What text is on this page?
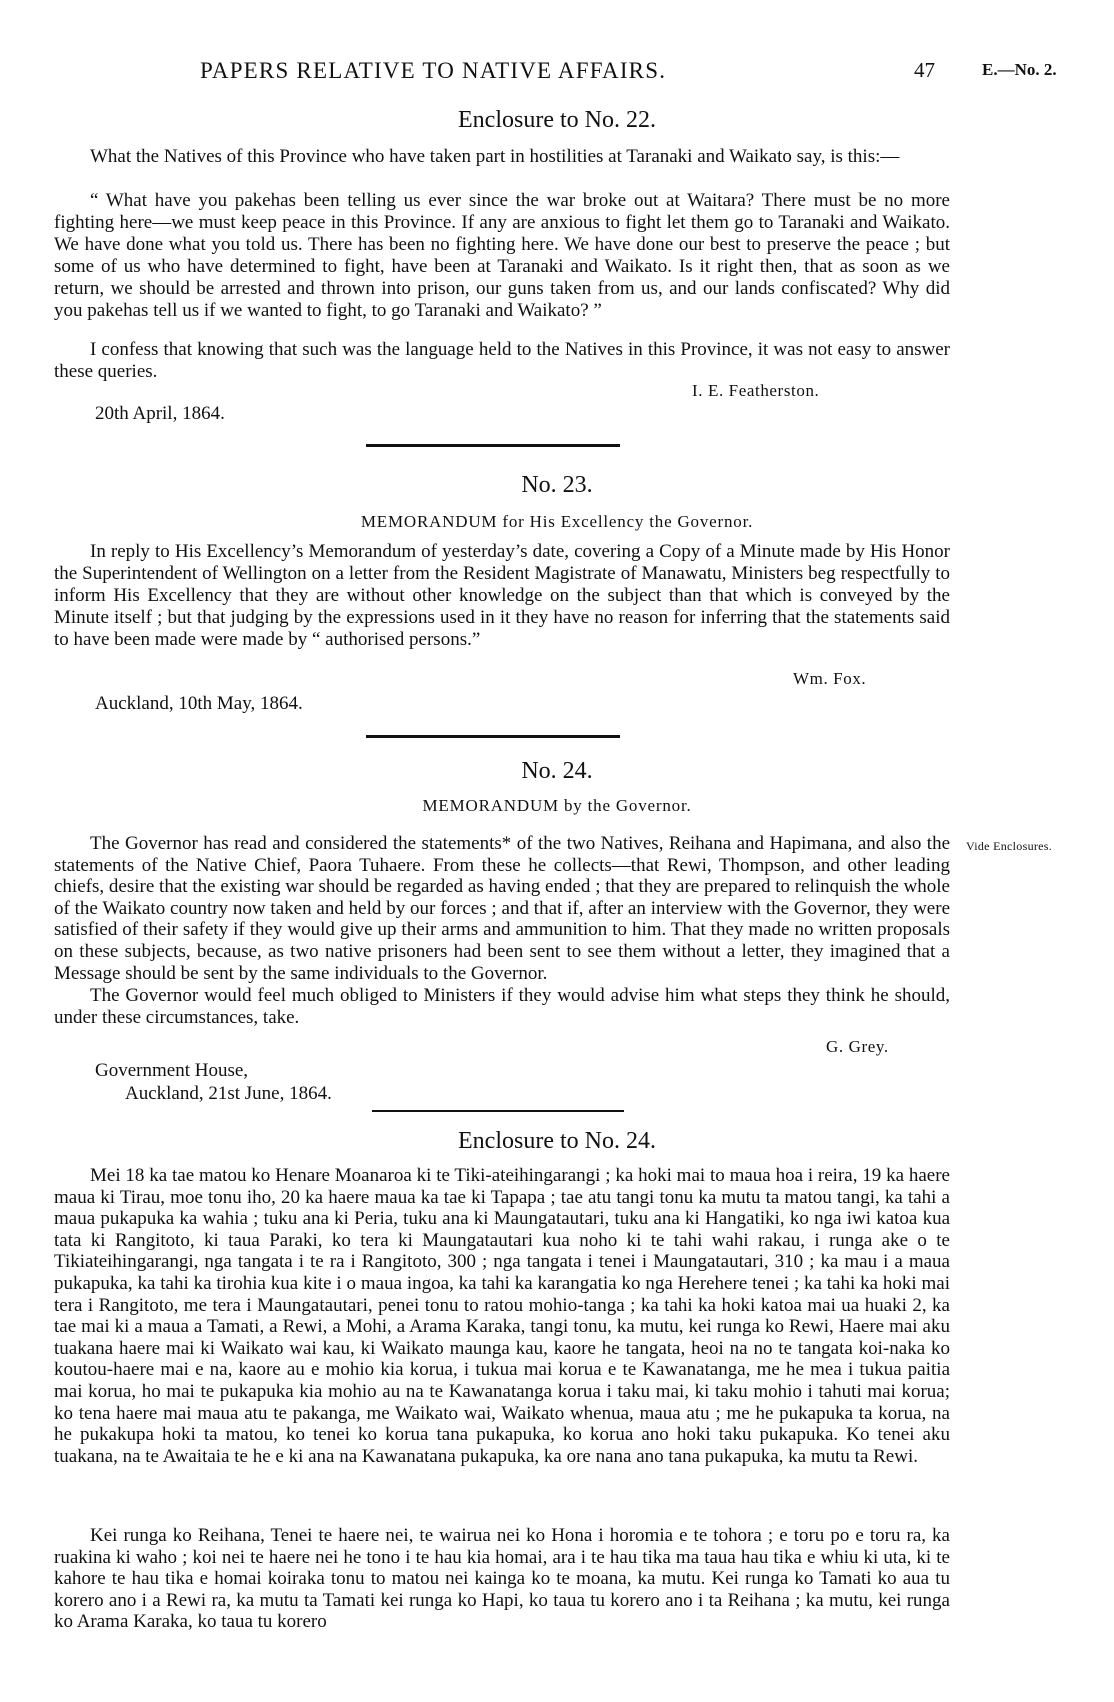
PAPERS RELATIVE TO NATIVE AFFAIRS.	47	E.—No. 2.
Enclosure to No. 22.

What the Natives of this Province who have taken part in hostilities at Taranaki and Waikato say, is this:—

“ What have you pakehas been telling us ever since the war broke out at Waitara? There must be no more fighting here—we must keep peace in this Province. If any are anxious to fight let them go to Taranaki and Waikato. We have done what you told us. There has been no fighting here. We have done our best to preserve the peace ; but some of us who have determined to fight, have been at Taranaki and Waikato. Is it right then, that as soon as we return, we should be arrested and thrown into prison, our guns taken from us, and our lands confiscated? Why did you pakehas tell us if we wanted to fight, to go Taranaki and Waikato? ”

I confess that knowing that such was the language held to the Natives in this Province, it was not easy to answer these queries.

I. E. Featherston.
20th April, 1864.
No. 23.
MEMORANDUM for His Excellency the Governor.

In reply to His Excellency’s Memorandum of yesterday’s date, covering a Copy of a Minute made by His Honor the Superintendent of Wellington on a letter from the Resident Magistrate of Manawatu, Ministers beg respectfully to inform His Excellency that they are without other knowledge on the subject than that which is conveyed by the Minute itself ; but that judging by the expressions used in it they have no reason for inferring that the statements said to have been made were made by “ authorised persons.”

Wm. Fox.
Auckland, 10th May, 1864.
No. 24.
MEMORANDUM by the Governor.
Vide Enclosures.

The Governor has read and considered the statements* of the two Natives, Reihana and Hapimana, and also the statements of the Native Chief, Paora Tuhaere. From these he collects—that Rewi, Thompson, and other leading chiefs, desire that the existing war should be regarded as having ended ; that they are prepared to relinquish the whole of the Waikato country now taken and held by our forces ; and that if, after an interview with the Governor, they were satisfied of their safety if they would give up their arms and ammunition to him. That they made no written proposals on these subjects, because, as two native prisoners had been sent to see them without a letter, they imagined that a Message should be sent by the same individuals to the Governor.

The Governor would feel much obliged to Ministers if they would advise him what steps they think he should, under these circumstances, take.

G. Grey.
Government House,
Auckland, 21st June, 1864.
Enclosure to No. 24.

Mei 18 ka tae matou ko Henare Moanaroa ki te Tiki-ateihingarangi ; ka hoki mai to maua hoa i reira, 19 ka haere maua ki Tirau, moe tonu iho, 20 ka haere maua ka tae ki Tapapa ; tae atu tangi tonu ka mutu ta matou tangi, ka tahi a maua pukapuka ka wahia ; tuku ana ki Peria, tuku ana ki Maungatautari, tuku ana ki Hangatiki, ko nga iwi katoa kua tata ki Rangitoto, ki taua Paraki, ko tera ki Maungatautari kua noho ki te tahi wahi rakau, i runga ake o te Tikiateihingarangi, nga tangata i te ra i Rangitoto, 300 ; nga tangata i tenei i Maungatautari, 310 ; ka mau i a maua pukapuka, ka tahi ka tirohia kua kite i o maua ingoa, ka tahi ka karangatia ko nga Herehere tenei ; ka tahi ka hoki mai tera i Rangitoto, me tera i Maungatautari, penei tonu to ratou mohio-tanga ; ka tahi ka hoki katoa mai ua huaki 2, ka tae mai ki a maua a Tamati, a Rewi, a Mohi, a Arama Karaka, tangi tonu, ka mutu, kei runga ko Rewi, Haere mai aku tuakana haere mai ki Waikato wai kau, ki Waikato maunga kau, kaore he tangata, heoi na no te tangata koi-naka ko koutou-haere mai e na, kaore au e mohio kia korua, i tukua mai korua e te Kawanatanga, me he mea i tukua paitia mai korua, ho mai te pukapuka kia mohio au na te Kawanatanga korua i taku mai, ki taku mohio i tahuti mai korua; ko tena haere mai maua atu te pakanga, me Waikato wai, Waikato whenua, maua atu ; me he pukapuka ta korua, na he pukakupa hoki ta matou, ko tenei ko korua tana pukapuka, ko korua ano hoki taku pukapuka. Ko tenei aku tuakana, na te Awaitaia te he e ki ana na Kawanatana pukapuka, ka ore nana ano tana pukapuka, ka mutu ta Rewi.

Kei runga ko Reihana, Tenei te haere nei, te wairua nei ko Hona i horomia e te tohora ; e toru po e toru ra, ka ruakina ki waho ; koi nei te haere nei he tono i te hau kia homai, ara i te hau tika ma taua hau tika e whiu ki uta, ki te kahore te hau tika e homai koiraka tonu to matou nei kainga ko te moana, ka mutu. Kei runga ko Tamati ko aua tu korero ano i a Rewi ra, ka mutu ta Tamati kei runga ko Hapi, ko taua tu korero ano i ta Reihana ; ka mutu, kei runga ko Arama Karaka, ko taua tu korero
